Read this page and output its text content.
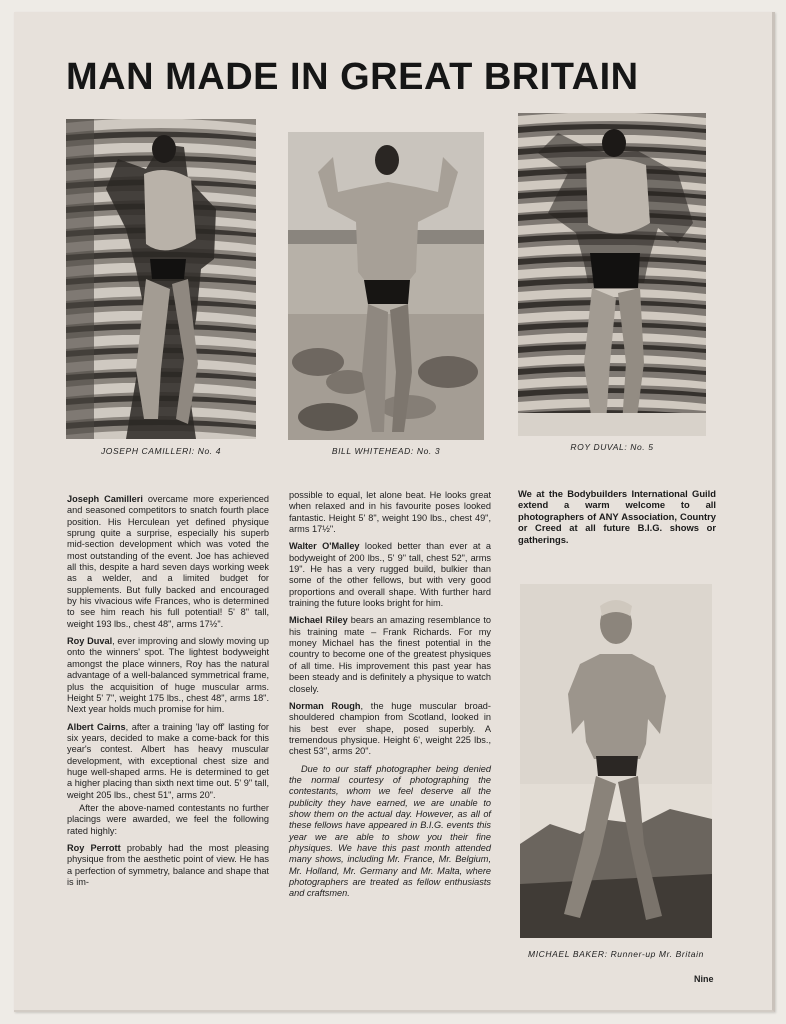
MAN MADE IN GREAT BRITAIN
JOSEPH CAMILLERI: No. 4	BILL WHITEHEAD: No. 3	ROY DUVAL: No. 5

Joseph Camilleri overcame more experienced and seasoned competitors to snatch fourth place position. His Herculean yet defined physique sprung quite a surprise, especially his superb mid-section development which was voted the most outstanding of the event. Joe has achieved all this, despite a hard seven days working week as a welder, and a limited budget for supplements. But fully backed and encouraged by his vivacious wife Frances, who is determined to see him reach his full potential! 5' 8" tall, weight 193 lbs., chest 48", arms 17½".

Roy Duval, ever improving and slowly moving up onto the winners' spot. The lightest bodyweight amongst the place winners, Roy has the natural advantage of a well-balanced symmetrical frame, plus the acquisition of huge muscular arms. Height 5' 7", weight 175 lbs., chest 48", arms 18". Next year holds much promise for him.

Albert Cairns, after a training 'lay off' lasting for six years, decided to make a come-back for this year's contest. Albert has heavy muscular development, with exceptional chest size and huge well-shaped arms. He is determined to get a higher placing than sixth next time out. 5' 9" tall, weight 205 lbs., chest 51", arms 20".

After the above-named contestants no further placings were awarded, we feel the following rated highly:

Roy Perrott probably had the most pleasing physique from the aesthetic point of view. He has a perfection of symmetry, balance and shape that is im-

possible to equal, let alone beat. He looks great when relaxed and in his favourite poses looked fantastic. Height 5' 8", weight 190 lbs., chest 49", arms 17½".

Walter O'Malley looked better than ever at a bodyweight of 200 lbs., 5' 9" tall, chest 52", arms 19". He has a very rugged build, bulkier than some of the other fellows, but with very good proportions and overall shape. With further hard training the future looks bright for him.

Michael Riley bears an amazing resemblance to his training mate – Frank Richards. For my money Michael has the finest potential in the country to become one of the greatest physiques of all time. His improvement this past year has been steady and is definitely a physique to watch closely.

Norman Rough, the huge muscular broad-shouldered champion from Scotland, looked in his best ever shape, posed superbly. A tremendous physique. Height 6', weight 225 lbs., chest 53", arms 20".

Due to our staff photographer being denied the normal courtesy of photographing the contestants, whom we feel deserve all the publicity they have earned, we are unable to show them on the actual day. However, as all of these fellows have appeared in B.I.G. events this year we are able to show you their fine physiques. We have this past month attended many shows, including Mr. France, Mr. Belgium, Mr. Holland, Mr. Germany and Mr. Malta, where photographers are treated as fellow enthusiasts and craftsmen.

We at the Bodybuilders International Guild extend a warm welcome to all photographers of ANY Association, Country or Creed at all future B.I.G. shows or gatherings.
MICHAEL BAKER: Runner-up Mr. Britain
Nine
